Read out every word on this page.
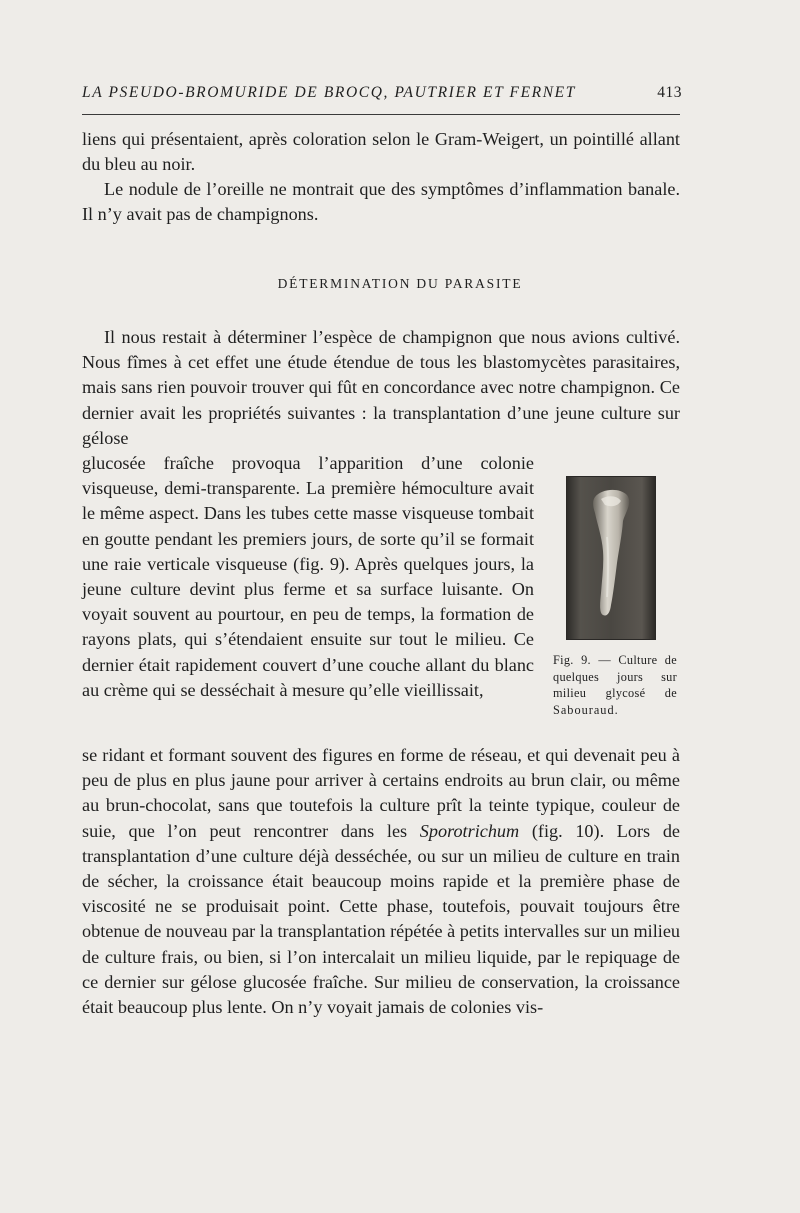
LA PSEUDO-BROMURIDE DE BROCQ, PAUTRIER ET FERNET	413

liens qui présentaient, après coloration selon le Gram-Weigert, un pointillé allant du bleu au noir.

Le nodule de l’oreille ne montrait que des symptômes d’inflammation banale. Il n’y avait pas de champignons.

DÉTERMINATION DU PARASITE

Il nous restait à déterminer l’espèce de champignon que nous avions cultivé. Nous fîmes à cet effet une étude étendue de tous les blastomycètes parasitaires, mais sans rien pouvoir trouver qui fût en concordance avec notre champignon. Ce dernier avait les propriétés suivantes : la transplantation d’une jeune culture sur gélose

glucosée fraîche provoqua l’apparition d’une colonie visqueuse, demi-transparente. La première hémoculture avait le même aspect. Dans les tubes cette masse visqueuse tombait en goutte pendant les premiers jours, de sorte qu’il se formait une raie verticale visqueuse (fig. 9). Après quelques jours, la jeune culture devint plus ferme et sa surface luisante. On voyait souvent au pourtour, en peu de temps, la formation de rayons plats, qui s’étendaient ensuite sur tout le milieu. Ce dernier était rapidement couvert d’une couche allant du blanc au crème qui se desséchait à mesure qu’elle vieillissait,

se ridant et formant souvent des figures en forme de réseau, et qui devenait peu à peu de plus en plus jaune pour arriver à certains endroits au brun clair, ou même au brun-chocolat, sans que toutefois la culture prît la teinte typique, couleur de suie, que l’on peut rencontrer dans les Sporotrichum (fig. 10). Lors de transplantation d’une culture déjà desséchée, ou sur un milieu de culture en train de sécher, la croissance était beaucoup moins rapide et la première phase de viscosité ne se produisait point. Cette phase, toutefois, pouvait toujours être obtenue de nouveau par la transplantation répétée à petits intervalles sur un milieu de culture frais, ou bien, si l’on intercalait un milieu liquide, par le repiquage de ce dernier sur gélose glucosée fraîche. Sur milieu de conservation, la croissance était beaucoup plus lente. On n’y voyait jamais de colonies vis-

Fig. 9. — Culture de quelques jours sur milieu glycosé de Sabouraud.
